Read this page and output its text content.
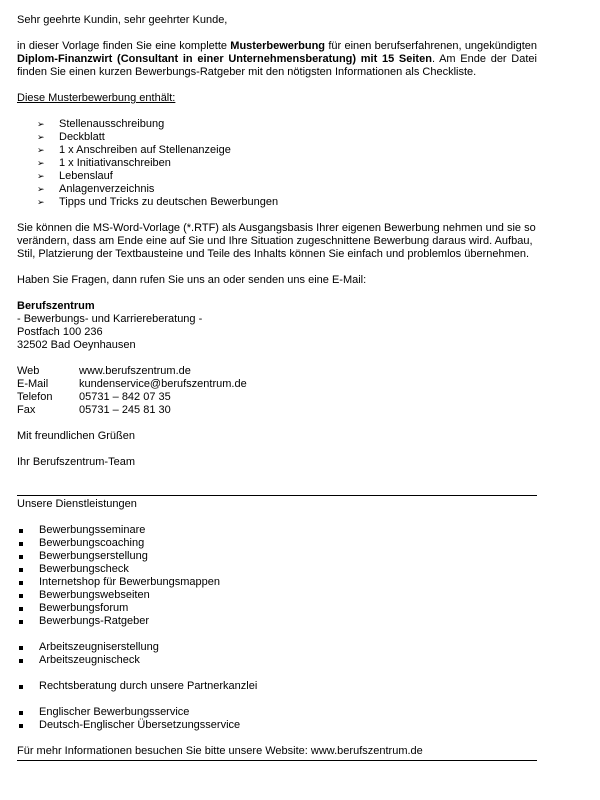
Sehr geehrte Kundin, sehr geehrter Kunde,

in dieser Vorlage finden Sie eine komplette Musterbewerbung für einen berufserfahrenen, ungekündigten Diplom-Finanzwirt (Consultant in einer Unternehmensberatung) mit 15 Seiten. Am Ende der Datei finden Sie einen kurzen Bewerbungs-Ratgeber mit den nötigsten Informationen als Checkliste.

Diese Musterbewerbung enthält:

➢ Stellenausschreibung
➢ Deckblatt
➢ 1 x Anschreiben auf Stellenanzeige
➢ 1 x Initiativanschreiben
➢ Lebenslauf
➢ Anlagenverzeichnis
➢ Tipps und Tricks zu deutschen Bewerbungen

Sie können die MS-Word-Vorlage (*.RTF) als Ausgangsbasis Ihrer eigenen Bewerbung nehmen und sie so verändern, dass am Ende eine auf Sie und Ihre Situation zugeschnittene Bewerbung daraus wird. Aufbau, Stil, Platzierung der Textbausteine und Teile des Inhalts können Sie einfach und problemlos übernehmen.

Haben Sie Fragen, dann rufen Sie uns an oder senden uns eine E-Mail:

Berufszentrum

- Bewerbungs- und Karriereberatung -

Postfach 100 236

32502 Bad Oeynhausen

Web	www.berufszentrum.de
E-Mail	kundenservice@berufszentrum.de
Telefon	05731 – 842 07 35
Fax	05731 – 245 81 30

Mit freundlichen Grüßen

Ihr Berufszentrum-Team

Unsere Dienstleistungen

Bewerbungsseminare
Bewerbungscoaching
Bewerbungserstellung
Bewerbungscheck
Internetshop für Bewerbungsmappen
Bewerbungswebseiten
Bewerbungsforum
Bewerbungs-Ratgeber
Arbeitszeugniserstellung
Arbeitszeugnischeck
Rechtsberatung durch unsere Partnerkanzlei
Englischer Bewerbungsservice
Deutsch-Englischer Übersetzungsservice

Für mehr Informationen besuchen Sie bitte unsere Website: www.berufszentrum.de
